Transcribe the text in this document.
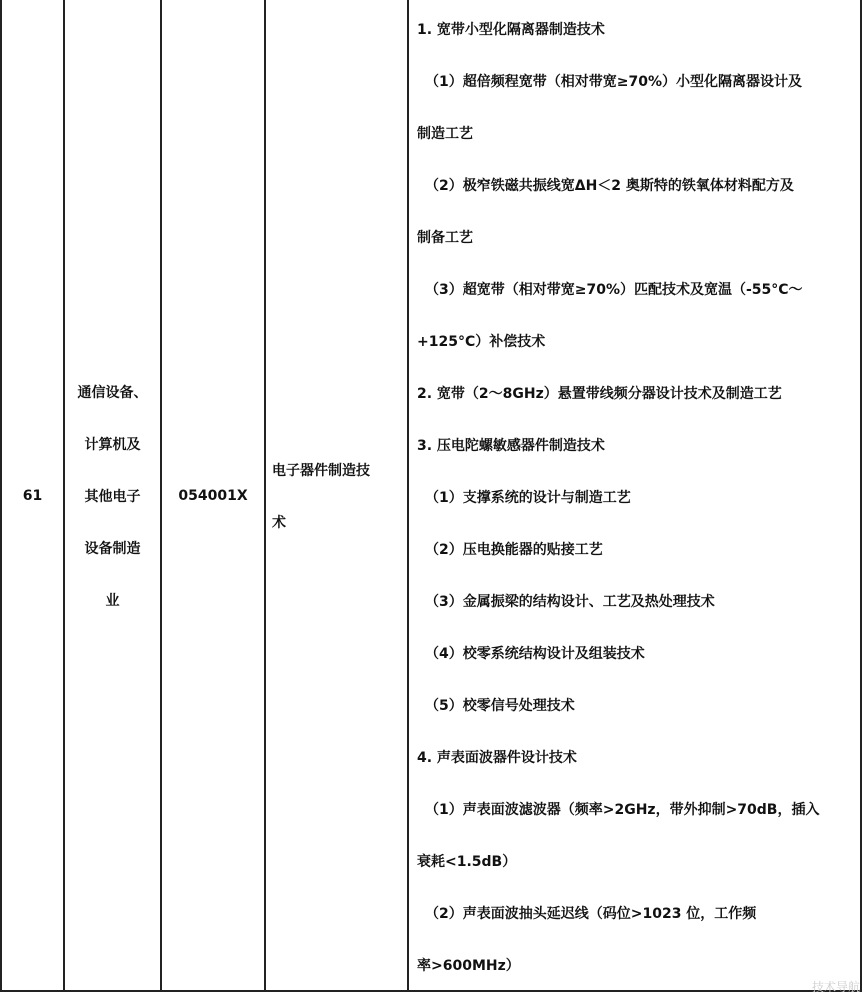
61
通信设备、
计算机及
其他电子
设备制造
业
054001X
电子器件制造技
术
1. 宽带小型化隔离器制造技术
（1）超倍频程宽带（相对带宽≥70%）小型化隔离器设计及
制造工艺
（2）极窄铁磁共振线宽ΔH＜2 奥斯特的铁氧体材料配方及
制备工艺
（3）超宽带（相对带宽≥70%）匹配技术及宽温（-55°C～
+125°C）补偿技术
2. 宽带（2～8GHz）悬置带线频分器设计技术及制造工艺
3. 压电陀螺敏感器件制造技术
（1）支撑系统的设计与制造工艺
（2）压电换能器的贴接工艺
（3）金属振梁的结构设计、工艺及热处理技术
（4）校零系统结构设计及组装技术
（5）校零信号处理技术
4. 声表面波器件设计技术
（1）声表面波滤波器（频率>2GHz，带外抑制>70dB，插入
衰耗<1.5dB）
（2）声表面波抽头延迟线（码位>1023 位，工作频
率>600MHz）
技术导航
